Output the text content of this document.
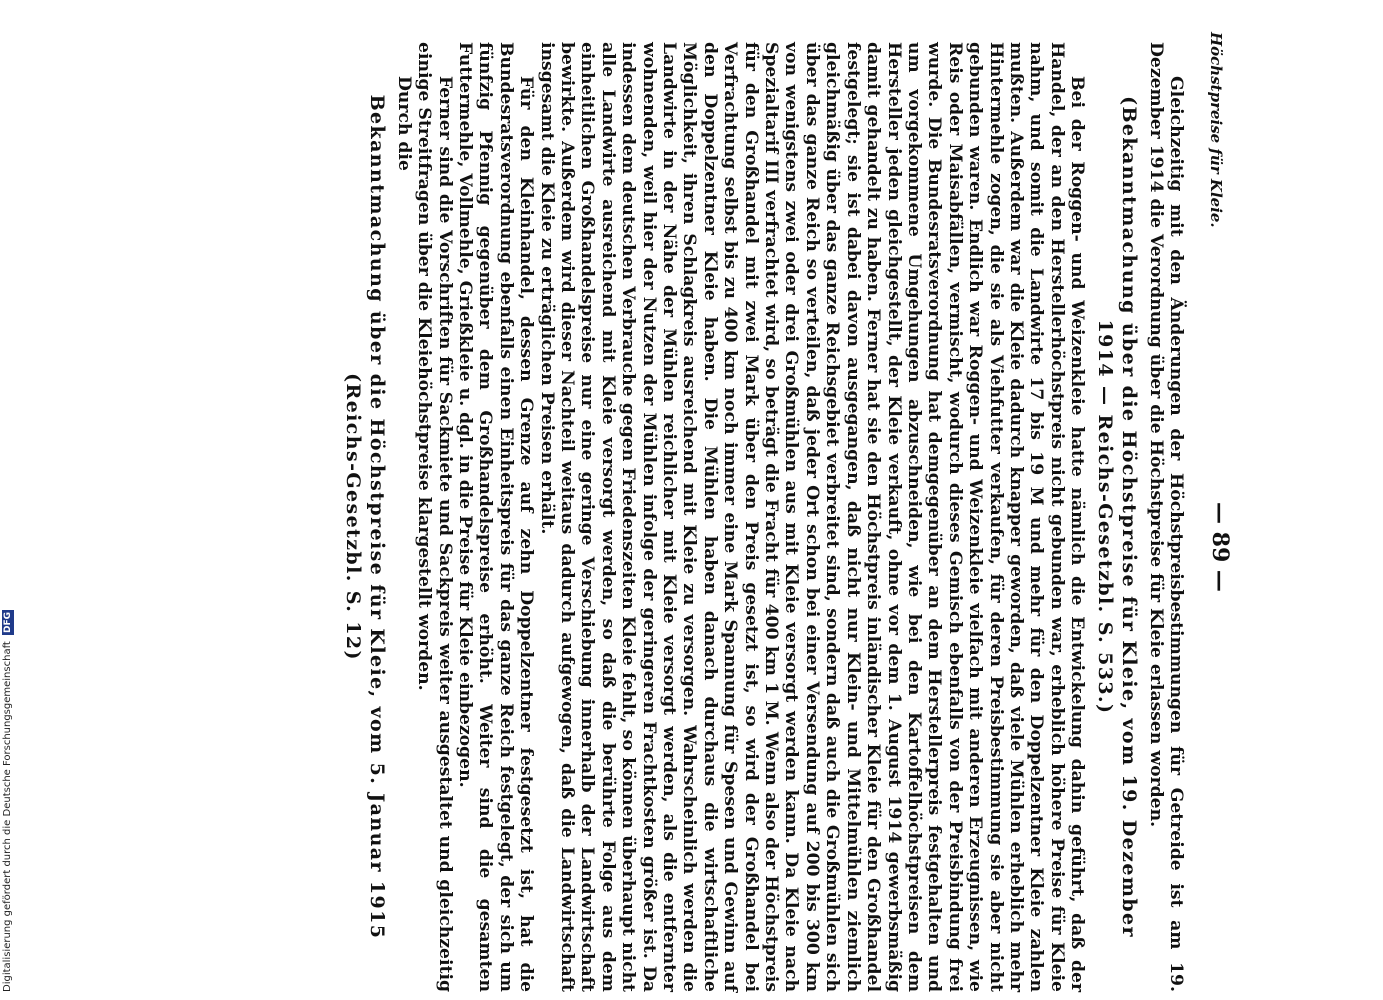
Digitalisierung gefördert durch die Deutsche Forschungsgemeinschaft DFG
Höchstpreise für Kleie.
— 89 —

Gleichzeitig mit den Änderungen der Höchstpreisbestimmungen für Getreide ist am 19. Dezember 1914 die Verordnung über die Höchstpreise für Kleie erlassen worden.

(Bekanntmachung über die Höchstpreise für Kleie, vom 19. Dezember 1914 — Reichs-Gesetzbl. S. 533.)

Bei der Roggen- und Weizenkleie hatte nämlich die Entwickelung dahin geführt, daß der Handel, der an den Herstellerhöchstpreis nicht gebunden war, erheblich höhere Preise für Kleie nahm, und somit die Landwirte 17 bis 19 M und mehr für den Doppelzentner Kleie zahlen mußten. Außerdem war die Kleie dadurch knapper geworden, daß viele Mühlen erheblich mehr Hintermehle zogen, die sie als Viehfutter verkaufen, für deren Preisbestimmung sie aber nicht gebunden waren. Endlich war Roggen- und Weizenkleie vielfach mit anderen Erzeugnissen, wie Reis oder Maisabfällen, vermischt, wodurch dieses Gemisch ebenfalls von der Preisbindung frei wurde. Die Bundesratsverordnung hat demgegenüber an dem Herstellerpreis festgehalten und um vorgekommene Umgehungen abzuschneiden, wie bei den Kartoffelhöchstpreisen dem Hersteller jeden gleichgestellt, der Kleie verkauft, ohne vor dem 1. August 1914 gewerbsmäßig damit gehandelt zu haben. Ferner hat sie den Höchstpreis inländischer Kleie für den Großhandel festgelegt; sie ist dabei davon ausgegangen, daß nicht nur Klein- und Mittelmühlen ziemlich gleichmäßig über das ganze Reichsgebiet verbreitet sind, sondern daß auch die Großmühlen sich über das ganze Reich so verteilen, daß jeder Ort schon bei einer Versendung auf 200 bis 300 km von wenigstens zwei oder drei Großmühlen aus mit Kleie versorgt werden kann. Da Kleie nach Spezialtarif III verfrachtet wird, so beträgt die Fracht für 400 km 1 M. Wenn also der Höchstpreis für den Großhandel mit zwei Mark über den Preis gesetzt ist, so wird der Großhandel bei Verfrachtung selbst bis zu 400 km noch immer eine Mark Spannung für Spesen und Gewinn auf den Doppelzentner Kleie haben. Die Mühlen haben danach durchaus die wirtschaftliche Möglichkeit, ihren Schlagkreis ausreichend mit Kleie zu versorgen. Wahrscheinlich werden die Landwirte in der Nähe der Mühlen reichlicher mit Kleie versorgt werden, als die entfernter wohnenden, weil hier der Nutzen der Mühlen infolge der geringeren Frachtkosten größer ist. Da indessen dem deutschen Verbrauche gegen Friedenszeiten Kleie fehlt, so können überhaupt nicht alle Landwirte ausreichend mit Kleie versorgt werden, so daß die berührte Folge aus dem einheitlichen Großhandelspreise nur eine geringe Verschiebung innerhalb der Landwirtschaft bewirkte. Außerdem wird dieser Nachteil weitaus dadurch aufgewogen, daß die Landwirtschaft insgesamt die Kleie zu erträglichen Preisen erhält.

Für den Kleinhandel, dessen Grenze auf zehn Doppelzentner festgesetzt ist, hat die Bundesratsverordnung ebenfalls einen Einheitspreis für das ganze Reich festgelegt, der sich um fünfzig Pfennig gegenüber dem Großhandelspreise erhöht. Weiter sind die gesamten Futtermehle, Vollmehle, Grießkleie u. dgl. in die Preise für Kleie einbezogen.

Ferner sind die Vorschriften für Sackmiete und Sackpreis weiter ausgestaltet und gleichzeitig einige Streitfragen über die Kleiehöchstpreise klargestellt worden.

Durch die

Bekanntmachung über die Höchstpreise für Kleie, vom 5. Januar 1915 (Reichs-Gesetzbl. S. 12)
